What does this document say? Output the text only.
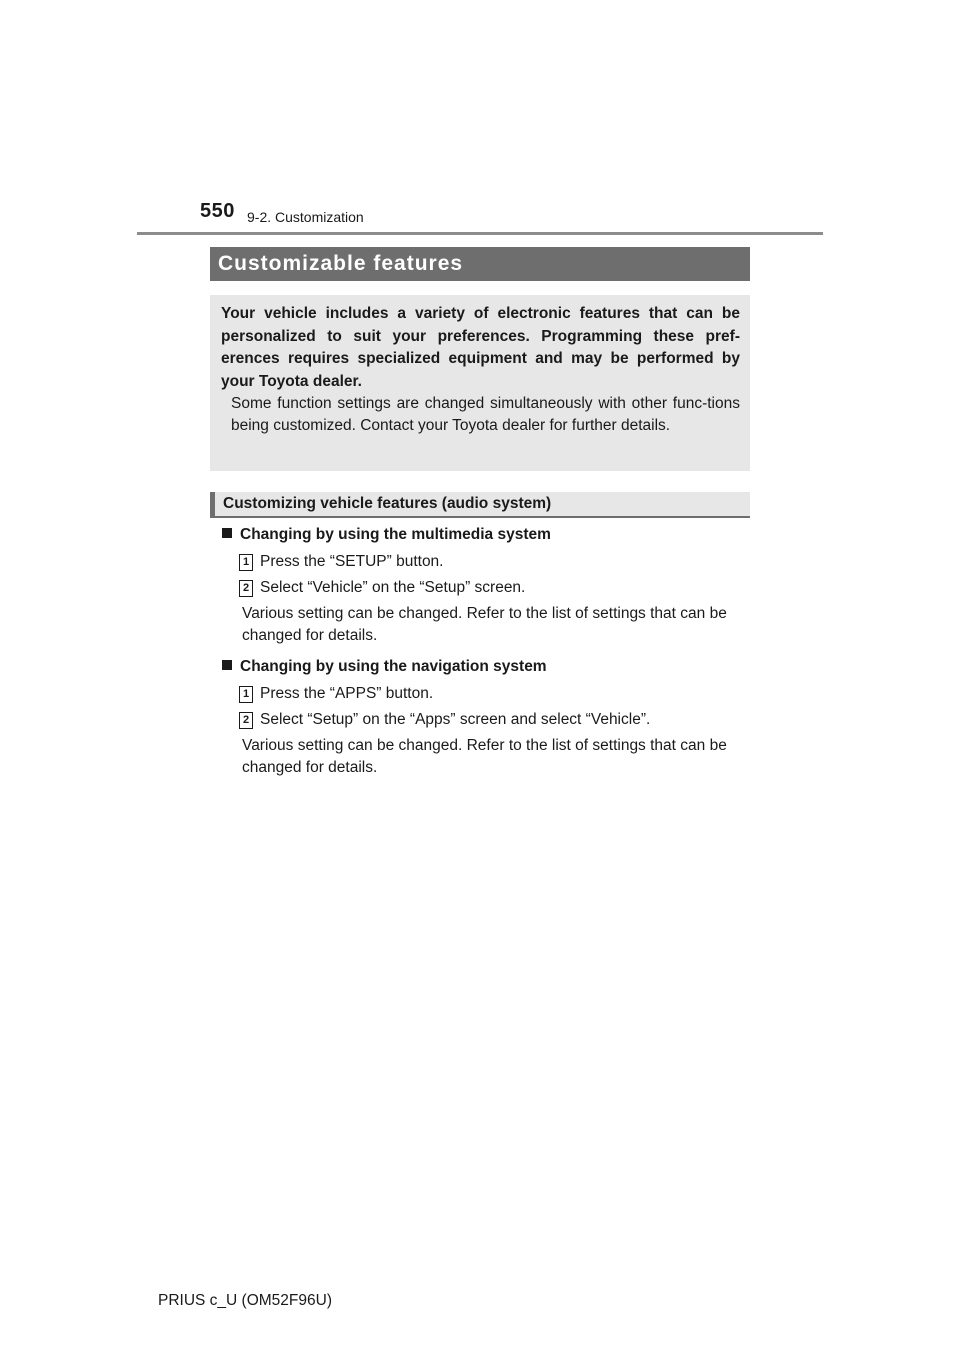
550 9-2. Customization
Customizable features

Your vehicle includes a variety of electronic features that can be personalized to suit your preferences. Programming these pref-erences requires specialized equipment and may be performed by your Toyota dealer.

Some function settings are changed simultaneously with other func-tions being customized. Contact your Toyota dealer for further details.

Customizing vehicle features (audio system)
Changing by using the multimedia system
1 Press the “SETUP” button.
2 Select “Vehicle” on the “Setup” screen.
Various setting can be changed. Refer to the list of settings that can be changed for details.
Changing by using the navigation system
1 Press the “APPS” button.
2 Select “Setup” on the “Apps” screen and select “Vehicle”.
Various setting can be changed. Refer to the list of settings that can be changed for details.
PRIUS c_U (OM52F96U)
